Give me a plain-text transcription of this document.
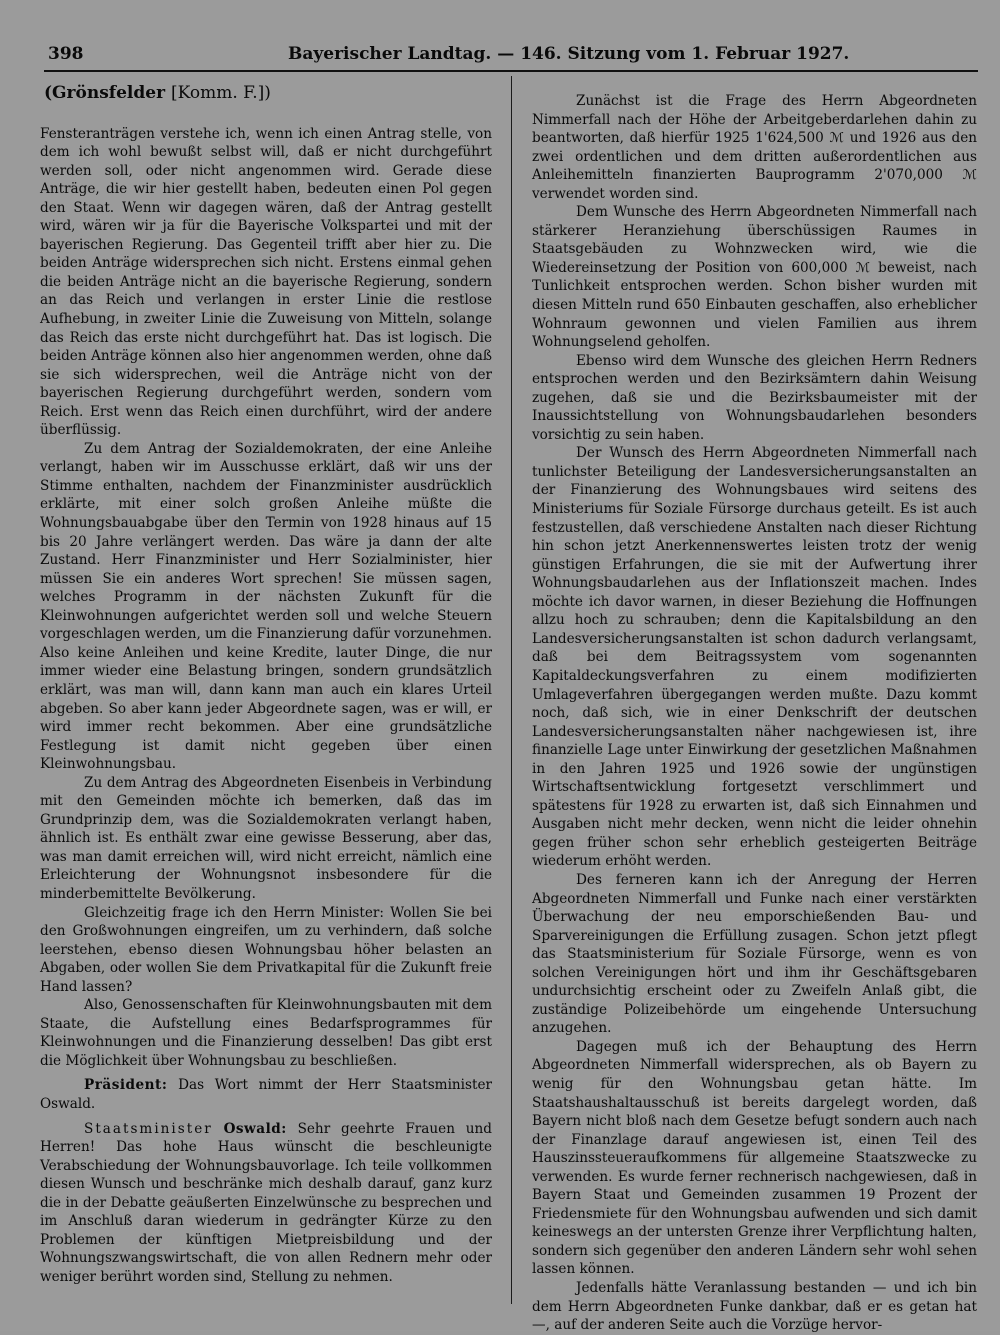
398	Bayerischer Landtag. — 146. Sitzung vom 1. Februar 1927.
(Grönsfelder [Komm. F.])

Fensteranträgen verstehe ich, wenn ich einen Antrag stelle, von dem ich wohl bewußt selbst will, daß er nicht durchgeführt werden soll, oder nicht angenommen wird. Gerade diese Anträge, die wir hier gestellt haben, bedeuten einen Pol gegen den Staat. Wenn wir dagegen wären, daß der Antrag gestellt wird, wären wir ja für die Bayerische Volkspartei und mit der bayerischen Regierung. Das Gegenteil trifft aber hier zu. Die beiden Anträge widersprechen sich nicht. Erstens einmal gehen die beiden Anträge nicht an die bayerische Regierung, sondern an das Reich und verlangen in erster Linie die restlose Aufhebung, in zweiter Linie die Zuweisung von Mitteln, solange das Reich das erste nicht durchgeführt hat. Das ist logisch. Die beiden Anträge können also hier angenommen werden, ohne daß sie sich widersprechen, weil die Anträge nicht von der bayerischen Regierung durchgeführt werden, sondern vom Reich. Erst wenn das Reich einen durchführt, wird der andere überflüssig.

Zu dem Antrag der Sozialdemokraten, der eine Anleihe verlangt, haben wir im Ausschusse erklärt, daß wir uns der Stimme enthalten, nachdem der Finanzminister ausdrücklich erklärte, mit einer solch großen Anleihe müßte die Wohnungsbauabgabe über den Termin von 1928 hinaus auf 15 bis 20 Jahre verlängert werden. Das wäre ja dann der alte Zustand. Herr Finanzminister und Herr Sozialminister, hier müssen Sie ein anderes Wort sprechen! Sie müssen sagen, welches Programm in der nächsten Zukunft für die Kleinwohnungen aufgerichtet werden soll und welche Steuern vorgeschlagen werden, um die Finanzierung dafür vorzunehmen. Also keine Anleihen und keine Kredite, lauter Dinge, die nur immer wieder eine Belastung bringen, sondern grundsätzlich erklärt, was man will, dann kann man auch ein klares Urteil abgeben. So aber kann jeder Abgeordnete sagen, was er will, er wird immer recht bekommen. Aber eine grundsätzliche Festlegung ist damit nicht gegeben über einen Kleinwohnungsbau.

Zu dem Antrag des Abgeordneten Eisenbeis in Verbindung mit den Gemeinden möchte ich bemerken, daß das im Grundprinzip dem, was die Sozialdemokraten verlangt haben, ähnlich ist. Es enthält zwar eine gewisse Besserung, aber das, was man damit erreichen will, wird nicht erreicht, nämlich eine Erleichterung der Wohnungsnot insbesondere für die minderbemittelte Bevölkerung.

Gleichzeitig frage ich den Herrn Minister: Wollen Sie bei den Großwohnungen eingreifen, um zu verhindern, daß solche leerstehen, ebenso diesen Wohnungsbau höher belasten an Abgaben, oder wollen Sie dem Privatkapital für die Zukunft freie Hand lassen?

Also, Genossenschaften für Kleinwohnungsbauten mit dem Staate, die Aufstellung eines Bedarfsprogrammes für Kleinwohnungen und die Finanzierung desselben! Das gibt erst die Möglichkeit über Wohnungsbau zu beschließen.

Präsident: Das Wort nimmt der Herr Staatsminister Oswald.

Staatsminister Oswald: Sehr geehrte Frauen und Herren! Das hohe Haus wünscht die beschleunigte Verabschiedung der Wohnungsbauvorlage. Ich teile vollkommen diesen Wunsch und beschränke mich deshalb darauf, ganz kurz die in der Debatte geäußerten Einzelwünsche zu besprechen und im Anschluß daran wiederum in gedrängter Kürze zu den Problemen der künftigen Mietpreisbildung und der Wohnungszwangswirtschaft, die von allen Rednern mehr oder weniger berührt worden sind, Stellung zu nehmen.

Zunächst ist die Frage des Herrn Abgeordneten Nimmerfall nach der Höhe der Arbeitgeberdarlehen dahin zu beantworten, daß hierfür 1925 1'624,500 ℳ und 1926 aus den zwei ordentlichen und dem dritten außerordentlichen aus Anleihemitteln finanzierten Bauprogramm 2'070,000 ℳ verwendet worden sind.

Dem Wunsche des Herrn Abgeordneten Nimmerfall nach stärkerer Heranziehung überschüssigen Raumes in Staatsgebäuden zu Wohnzwecken wird, wie die Wiedereinsetzung der Position von 600,000 ℳ beweist, nach Tunlichkeit entsprochen werden. Schon bisher wurden mit diesen Mitteln rund 650 Einbauten geschaffen, also erheblicher Wohnraum gewonnen und vielen Familien aus ihrem Wohnungselend geholfen.

Ebenso wird dem Wunsche des gleichen Herrn Redners entsprochen werden und den Bezirksämtern dahin Weisung zugehen, daß sie und die Bezirksbaumeister mit der Inaussichtstellung von Wohnungsbaudarlehen besonders vorsichtig zu sein haben.

Der Wunsch des Herrn Abgeordneten Nimmerfall nach tunlichster Beteiligung der Landesversicherungsanstalten an der Finanzierung des Wohnungsbaues wird seitens des Ministeriums für Soziale Fürsorge durchaus geteilt. Es ist auch festzustellen, daß verschiedene Anstalten nach dieser Richtung hin schon jetzt Anerkennenswertes leisten trotz der wenig günstigen Erfahrungen, die sie mit der Aufwertung ihrer Wohnungsbaudarlehen aus der Inflationszeit machen. Indes möchte ich davor warnen, in dieser Beziehung die Hoffnungen allzu hoch zu schrauben; denn die Kapitalsbildung an den Landesversicherungsanstalten ist schon dadurch verlangsamt, daß bei dem Beitragssystem vom sogenannten Kapitaldeckungsverfahren zu einem modifizierten Umlageverfahren übergegangen werden mußte. Dazu kommt noch, daß sich, wie in einer Denkschrift der deutschen Landesversicherungsanstalten näher nachgewiesen ist, ihre finanzielle Lage unter Einwirkung der gesetzlichen Maßnahmen in den Jahren 1925 und 1926 sowie der ungünstigen Wirtschaftsentwicklung fortgesetzt verschlimmert und spätestens für 1928 zu erwarten ist, daß sich Einnahmen und Ausgaben nicht mehr decken, wenn nicht die leider ohnehin gegen früher schon sehr erheblich gesteigerten Beiträge wiederum erhöht werden.

Des ferneren kann ich der Anregung der Herren Abgeordneten Nimmerfall und Funke nach einer verstärkten Überwachung der neu emporschießenden Bau- und Sparvereinigungen die Erfüllung zusagen. Schon jetzt pflegt das Staatsministerium für Soziale Fürsorge, wenn es von solchen Vereinigungen hört und ihm ihr Geschäftsgebaren undurchsichtig erscheint oder zu Zweifeln Anlaß gibt, die zuständige Polizeibehörde um eingehende Untersuchung anzugehen.

Dagegen muß ich der Behauptung des Herrn Abgeordneten Nimmerfall widersprechen, als ob Bayern zu wenig für den Wohnungsbau getan hätte. Im Staatshaushaltausschuß ist bereits dargelegt worden, daß Bayern nicht bloß nach dem Gesetze befugt sondern auch nach der Finanzlage darauf angewiesen ist, einen Teil des Hauszinssteueraufkommens für allgemeine Staatszwecke zu verwenden. Es wurde ferner rechnerisch nachgewiesen, daß in Bayern Staat und Gemeinden zusammen 19 Prozent der Friedensmiete für den Wohnungsbau aufwenden und sich damit keineswegs an der untersten Grenze ihrer Verpflichtung halten, sondern sich gegenüber den anderen Ländern sehr wohl sehen lassen können.

Jedenfalls hätte Veranlassung bestanden — und ich bin dem Herrn Abgeordneten Funke dankbar, daß er es getan hat —, auf der anderen Seite auch die Vorzüge hervor-
